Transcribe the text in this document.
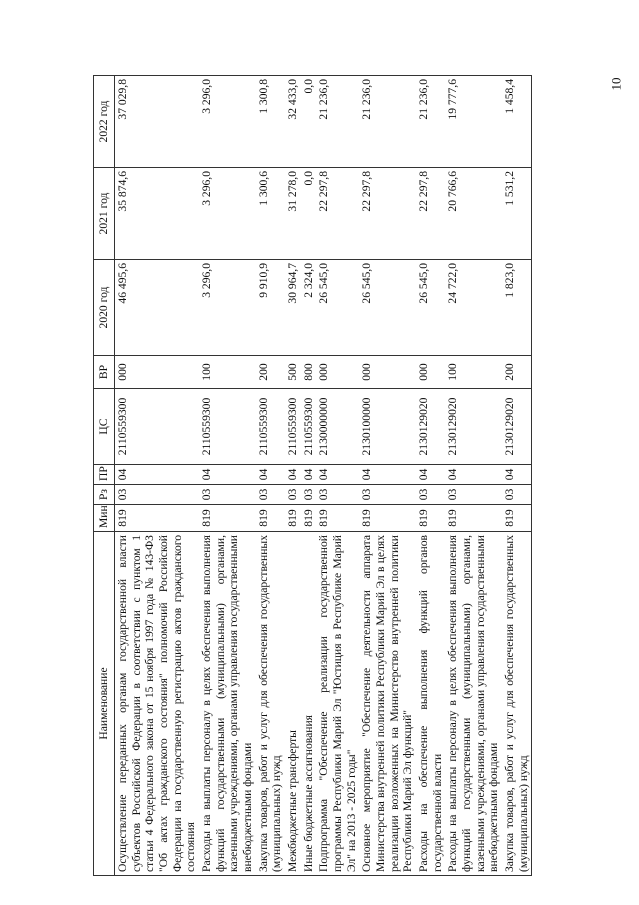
10
Наименование	Мин	Рз	ПР	ЦС	ВР	2020 год	2021 год	2022 год
Осуществление переданных органам государственной власти субъектов Российской Федерации в соответствии с пунктом 1 статьи 4 Федерального закона от 15 ноября 1997 года № 143-ФЗ "Об актах гражданского состояния" полномочий Российской Федерации на государственную регистрацию актов гражданского состояния	819	03	04	2110559300	000	46 495,6	35 874,6	37 029,8
Расходы на выплаты персоналу в целях обеспечения выполнения функций государственными (муниципальными) органами, казенными учреждениями, органами управления государственными внебюджетными фондами	819	03	04	2110559300	100	3 296,0	3 296,0	3 296,0
Закупка товаров, работ и услуг для обеспечения государственных (муниципальных) нужд	819	03	04	2110559300	200	9 910,9	1 300,6	1 300,8
Межбюджетные трансферты	819	03	04	2110559300	500	30 964,7	31 278,0	32 433,0
Иные бюджетные ассигнования	819	03	04	2110559300	800	2 324,0	0,0	0,0
Подпрограмма "Обеспечение реализации государственной программы Республики Марий Эл "Юстиция в Республике Марий Эл" на 2013 - 2025 годы"	819	03	04	2130000000	000	26 545,0	22 297,8	21 236,0
Основное мероприятие "Обеспечение деятельности аппарата Министерства внутренней политики Республики Марий Эл в целях реализации возложенных на Министерство внутренней политики Республики Марий Эл функций"	819	03	04	2130100000	000	26 545,0	22 297,8	21 236,0
Расходы на обеспечение выполнения функций органов государственной власти	819	03	04	2130129020	000	26 545,0	22 297,8	21 236,0
Расходы на выплаты персоналу в целях обеспечения выполнения функций государственными (муниципальными) органами, казенными учреждениями, органами управления государственными внебюджетными фондами	819	03	04	2130129020	100	24 722,0	20 766,6	19 777,6
Закупка товаров, работ и услуг для обеспечения государственных (муниципальных) нужд	819	03	04	2130129020	200	1 823,0	1 531,2	1 458,4
